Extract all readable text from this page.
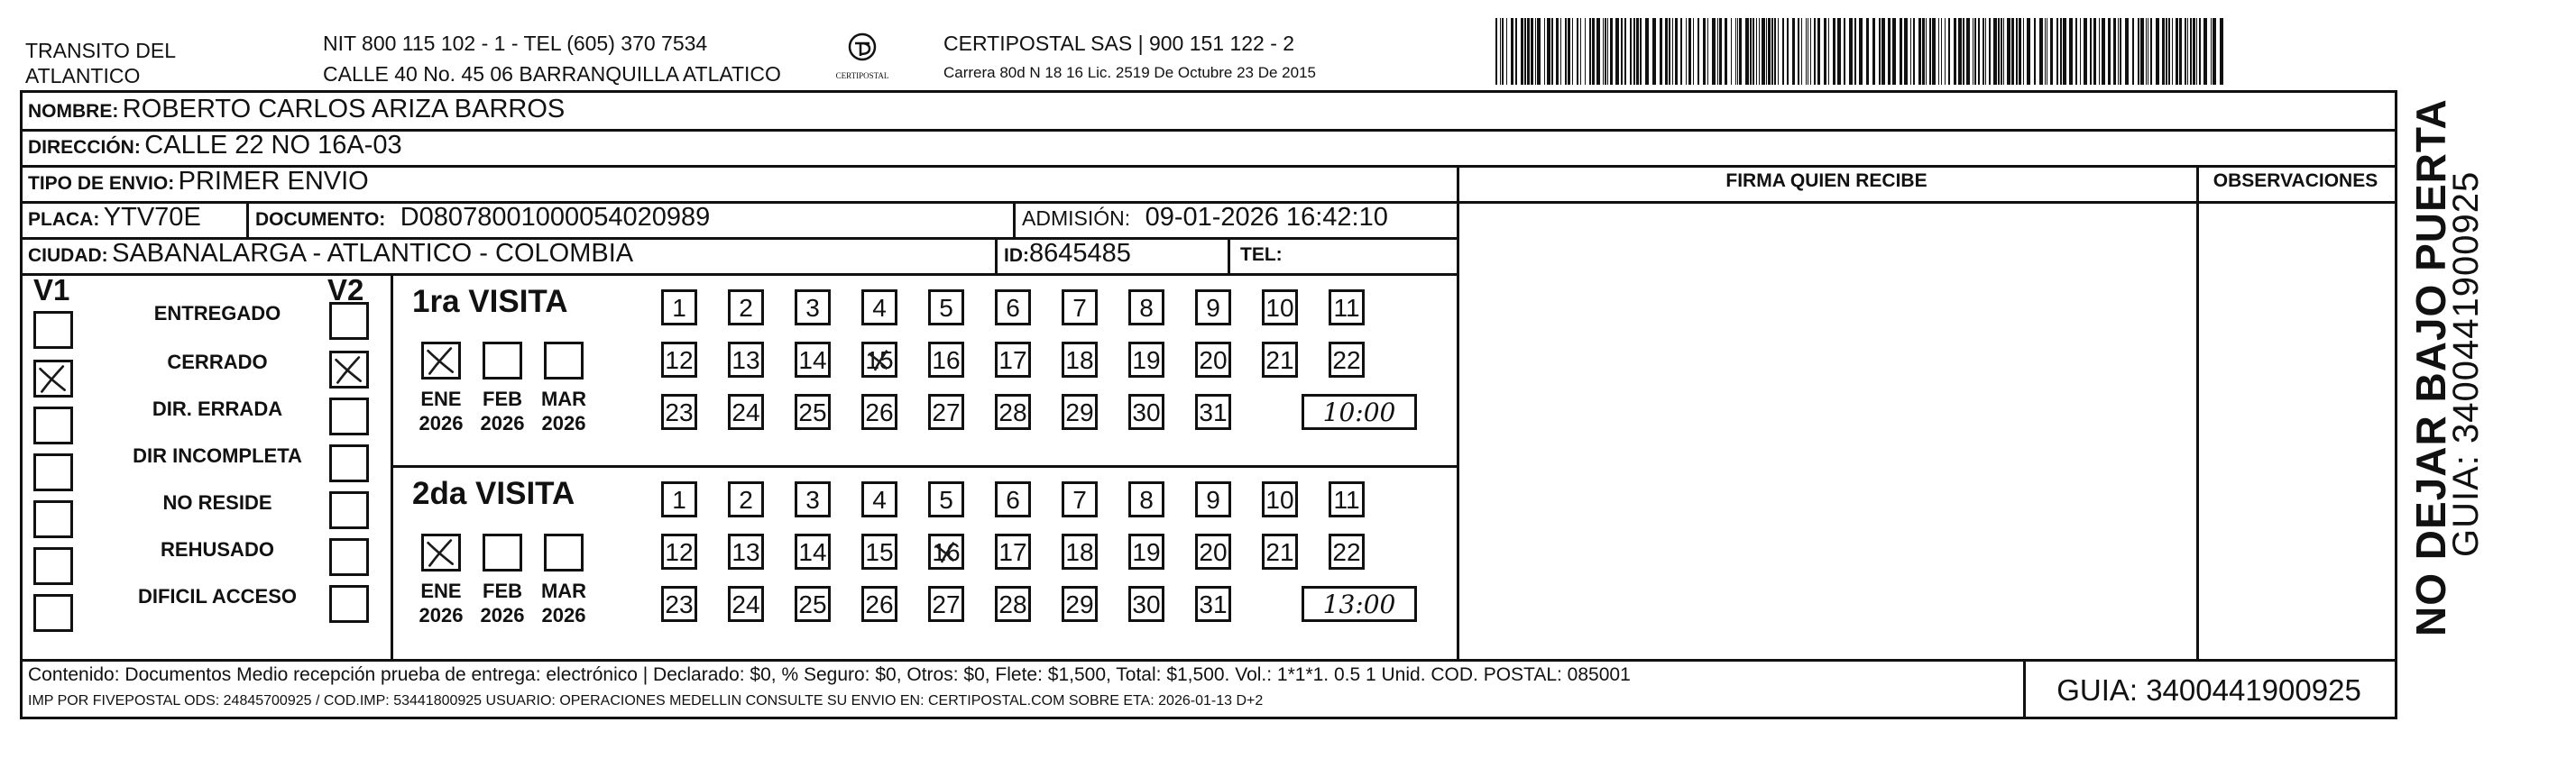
TRANSITO DEL
ATLANTICO
NIT 800 115 102 - 1 - TEL (605) 370 7534
CALLE 40 No. 45 06 BARRANQUILLA ATLATICO	CERTIPOSTAL
CERTIPOSTAL SAS | 900 151 122 - 2
Carrera 80d N 18 16 Lic. 2519 De Octubre 23 De 2015
NOMBRE: ROBERTO CARLOS ARIZA BARROS
DIRECCIÓN: CALLE 22 NO 16A-03
TIPO DE ENVIO: PRIMER ENVIO	FIRMA QUIEN RECIBE	OBSERVACIONES
PLACA: YTV70E	DOCUMENTO: D08078001000054020989	ADMISIÓN: 09-01-2026 16:42:10
CIUDAD: SABANALARGA - ATLANTICO - COLOMBIA	ID:8645485	TEL:
V1	V2
ENTREGADO
CERRADO
DIR. ERRADA
DIR INCOMPLETA
NO RESIDE
REHUSADO
DIFICIL ACCESO
1ra VISITA
ENE
2026
FEB
2026
MAR
2026
1	2	3	4	5	6	7	8	9	10 11
12 13 14 15 16 17 18 19 20 21 22
23 24 25 26 27 28 29 30 31	10:00
2da VISITA
ENE
2026
FEB
2026
MAR
2026
1	2	3	4	5	6	7	8	9	10 11
12 13 14 15 16 17 18 19 20 21 22
23 24 25 26 27 28 29 30 31	13:00
Contenido: Documentos Medio recepción prueba de entrega: electrónico | Declarado: $0, % Seguro: $0, Otros: $0, Flete: $1,500, Total: $1,500. Vol.: 1*1*1. 0.5 1 Unid. COD. POSTAL: 085001
IMP POR FIVEPOSTAL ODS: 24845700925 / COD.IMP: 53441800925 USUARIO: OPERACIONES MEDELLIN CONSULTE SU ENVIO EN: CERTIPOSTAL.COM SOBRE ETA: 2026-01-13 D+2	GUIA: 3400441900925
NO DEJAR BAJO PUERTA
GUIA: 3400441900925
